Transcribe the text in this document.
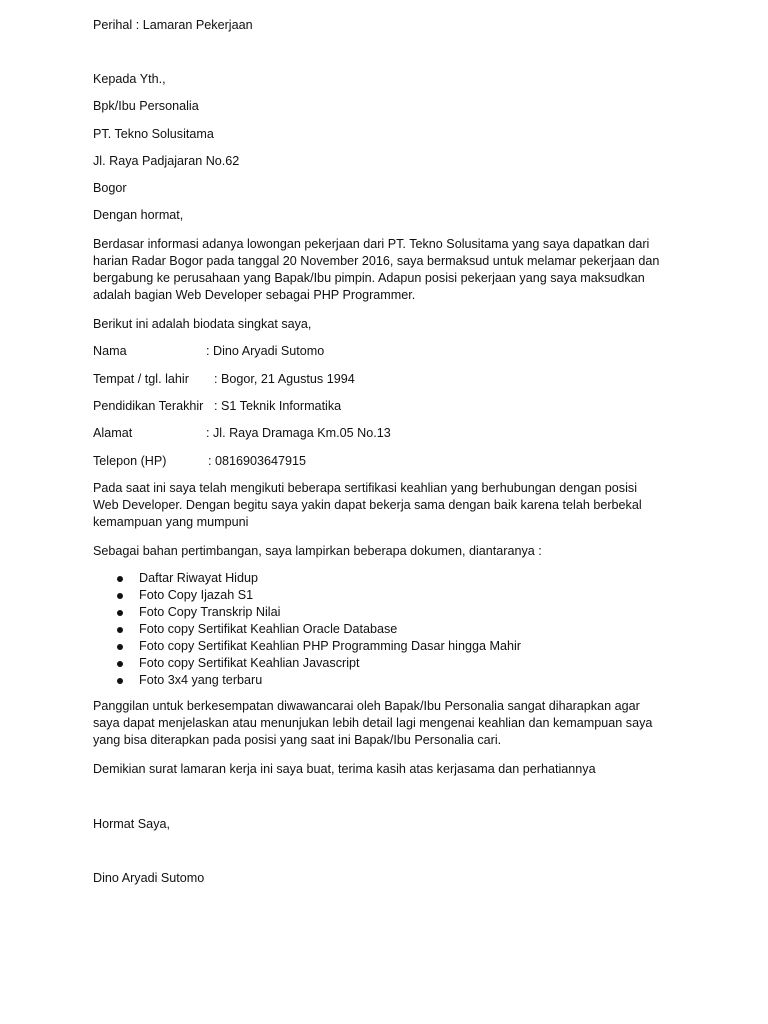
Perihal : Lamaran Pekerjaan
Kepada Yth.,
Bpk/Ibu Personalia
PT. Tekno Solusitama
Jl. Raya Padjajaran No.62
Bogor
Dengan hormat,
Berdasar informasi adanya lowongan pekerjaan dari PT. Tekno Solusitama yang saya dapatkan dari
harian Radar Bogor pada tanggal 20 November 2016, saya bermaksud untuk melamar pekerjaan dan
bergabung ke perusahaan yang Bapak/Ibu pimpin. Adapun posisi pekerjaan yang saya maksudkan
adalah bagian Web Developer sebagai PHP Programmer.
Berikut ini adalah biodata singkat saya,
Nama	: Dino Aryadi Sutomo
Tempat / tgl. lahir : Bogor, 21 Agustus 1994
Pendidikan Terakhir : S1 Teknik Informatika
Alamat	: Jl. Raya Dramaga Km.05 No.13
Telepon (HP)	: 0816903647915
Pada saat ini saya telah mengikuti beberapa sertifikasi keahlian yang berhubungan dengan posisi
Web Developer. Dengan begitu saya yakin dapat bekerja sama dengan baik karena telah berbekal
kemampuan yang mumpuni
Sebagai bahan pertimbangan, saya lampirkan beberapa dokumen, diantaranya :
Daftar Riwayat Hidup
Foto Copy Ijazah S1
Foto Copy Transkrip Nilai
Foto copy Sertifikat Keahlian Oracle Database
Foto copy Sertifikat Keahlian PHP Programming Dasar hingga Mahir
Foto copy Sertifikat Keahlian Javascript
Foto 3x4 yang terbaru
Panggilan untuk berkesempatan diwawancarai oleh Bapak/Ibu Personalia sangat diharapkan agar
saya dapat menjelaskan atau menunjukan lebih detail lagi mengenai keahlian dan kemampuan saya
yang bisa diterapkan pada posisi yang saat ini Bapak/Ibu Personalia cari.
Demikian surat lamaran kerja ini saya buat, terima kasih atas kerjasama dan perhatiannya
Hormat Saya,
Dino Aryadi Sutomo
